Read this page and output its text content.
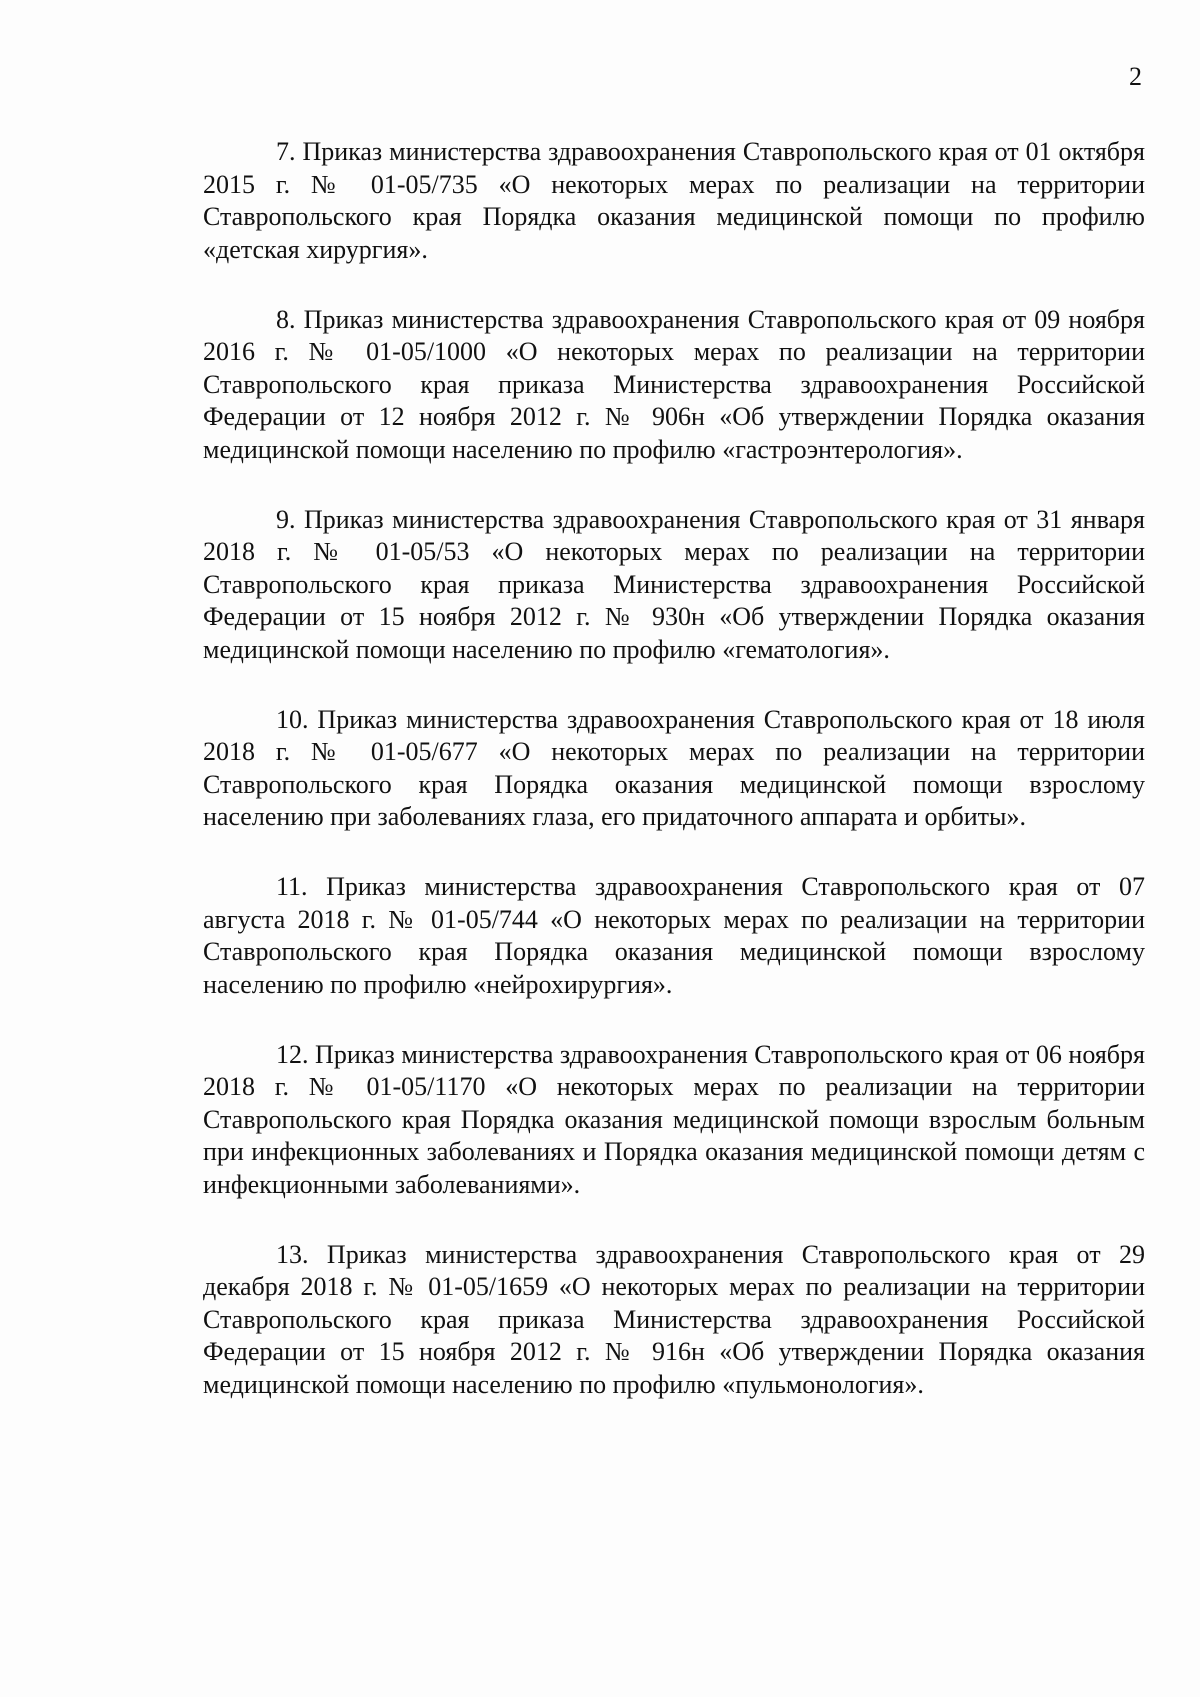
2

7. Приказ министерства здравоохранения Ставропольского края от 01 октября 2015 г. № 01-05/735 «О некоторых мерах по реализации на территории Ставропольского края Порядка оказания медицинской помощи по профилю «детская хирургия».

8. Приказ министерства здравоохранения Ставропольского края от 09 ноября 2016 г. № 01-05/1000 «О некоторых мерах по реализации на территории Ставропольского края приказа Министерства здравоохранения Российской Федерации от 12 ноября 2012 г. № 906н «Об утверждении Порядка оказания медицинской помощи населению по профилю «гастроэнтерология».

9. Приказ министерства здравоохранения Ставропольского края от 31 января 2018 г. № 01-05/53 «О некоторых мерах по реализации на территории Ставропольского края приказа Министерства здравоохранения Российской Федерации от 15 ноября 2012 г. № 930н «Об утверждении Порядка оказания медицинской помощи населению по профилю «гематология».

10. Приказ министерства здравоохранения Ставропольского края от 18 июля 2018 г. № 01-05/677 «О некоторых мерах по реализации на территории Ставропольского края Порядка оказания медицинской помощи взрослому населению при заболеваниях глаза, его придаточного аппарата и орбиты».

11. Приказ министерства здравоохранения Ставропольского края от 07 августа 2018 г. № 01-05/744 «О некоторых мерах по реализации на территории Ставропольского края Порядка оказания медицинской помощи взрослому населению по профилю «нейрохирургия».

12. Приказ министерства здравоохранения Ставропольского края от 06 ноября 2018 г. № 01-05/1170 «О некоторых мерах по реализации на территории Ставропольского края Порядка оказания медицинской помощи взрослым больным при инфекционных заболеваниях и Порядка оказания медицинской помощи детям с инфекционными заболеваниями».

13. Приказ министерства здравоохранения Ставропольского края от 29 декабря 2018 г. № 01-05/1659 «О некоторых мерах по реализации на территории Ставропольского края приказа Министерства здравоохранения Российской Федерации от 15 ноября 2012 г. № 916н «Об утверждении Порядка оказания медицинской помощи населению по профилю «пульмонология».
